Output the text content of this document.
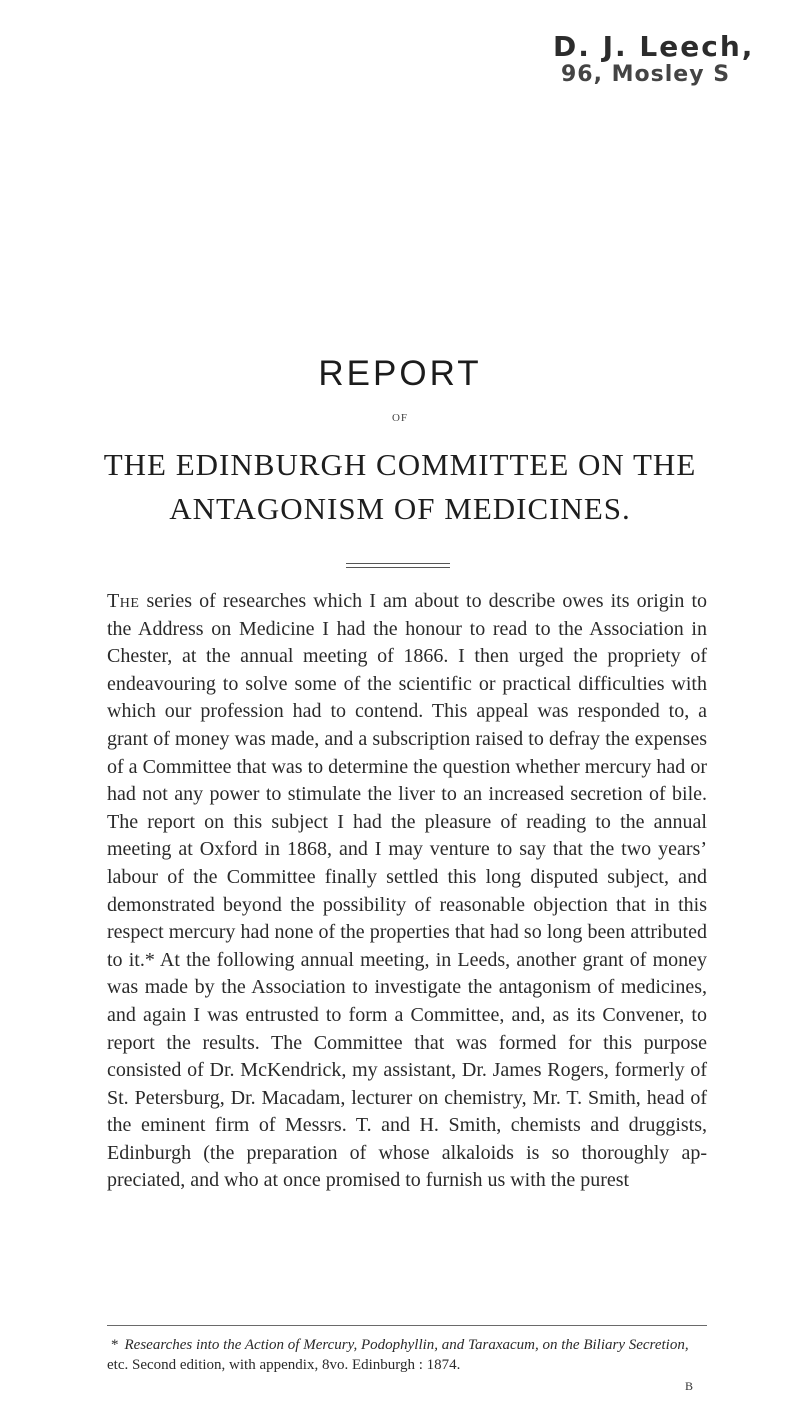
D. J. Leech,
96, Mosley S
REPORT
OF
THE EDINBURGH COMMITTEE ON THE
ANTAGONISM OF MEDICINES.

The series of researches which I am about to describe owes its origin to the Address on Medicine I had the honour to read to the Association in Chester, at the annual meeting of 1866. I then urged the propriety of endeavouring to solve some of the scientific or practical difficulties with which our profession had to contend. This appeal was responded to, a grant of money was made, and a subscription raised to defray the expenses of a Committee that was to determine the question whether mercury had or had not any power to stimulate the liver to an increased secretion of bile. The report on this subject I had the pleasure of reading to the annual meeting at Oxford in 1868, and I may venture to say that the two years’ labour of the Committee finally settled this long disputed subject, and demonstrated beyond the possibility of reasonable objection that in this respect mercury had none of the properties that had so long been attributed to it.* At the following annual meeting, in Leeds, another grant of money was made by the Association to investigate the antagonism of medicines, and again I was entrusted to form a Committee, and, as its Convener, to report the results. The Committee that was formed for this purpose consisted of Dr. McKendrick, my assistant, Dr. James Rogers, formerly of St. Petersburg, Dr. Macadam, lecturer on chemistry, Mr. T. Smith, head of the eminent firm of Messrs. T. and H. Smith, chemists and druggists, Edinburgh (the preparation of whose alkaloids is so thoroughly appreciated, and who at once promised to furnish us with the purest

* Researches into the Action of Mercury, Podophyllin, and Taraxacum, on the Biliary Secretion, etc. Second edition, with appendix, 8vo. Edinburgh : 1874.
B
